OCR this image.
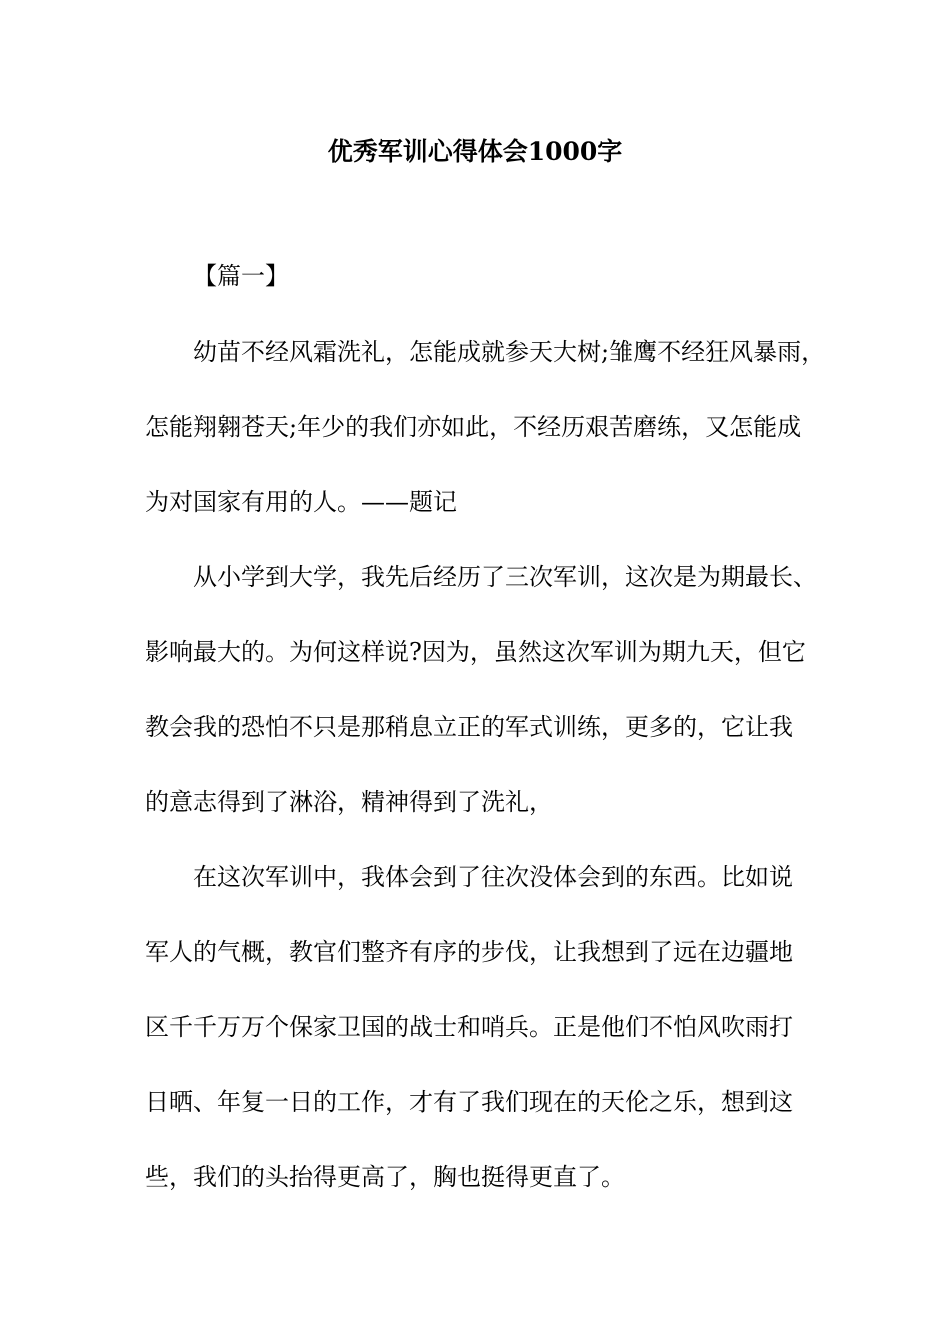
优秀军训心得体会1000字

【篇一】

幼苗不经风霜洗礼，怎能成就参天大树;雏鹰不经狂风暴雨，

怎能翔翱苍天;年少的我们亦如此，不经历艰苦磨练，又怎能成

为对国家有用的人。——题记

从小学到大学，我先后经历了三次军训，这次是为期最长、

影响最大的。为何这样说?因为，虽然这次军训为期九天，但它

教会我的恐怕不只是那稍息立正的军式训练，更多的，它让我

的意志得到了淋浴，精神得到了洗礼，

在这次军训中，我体会到了往次没体会到的东西。比如说

军人的气概，教官们整齐有序的步伐，让我想到了远在边疆地

区千千万万个保家卫国的战士和哨兵。正是他们不怕风吹雨打

日晒、年复一日的工作，才有了我们现在的天伦之乐，想到这

些，我们的头抬得更高了，胸也挺得更直了。
